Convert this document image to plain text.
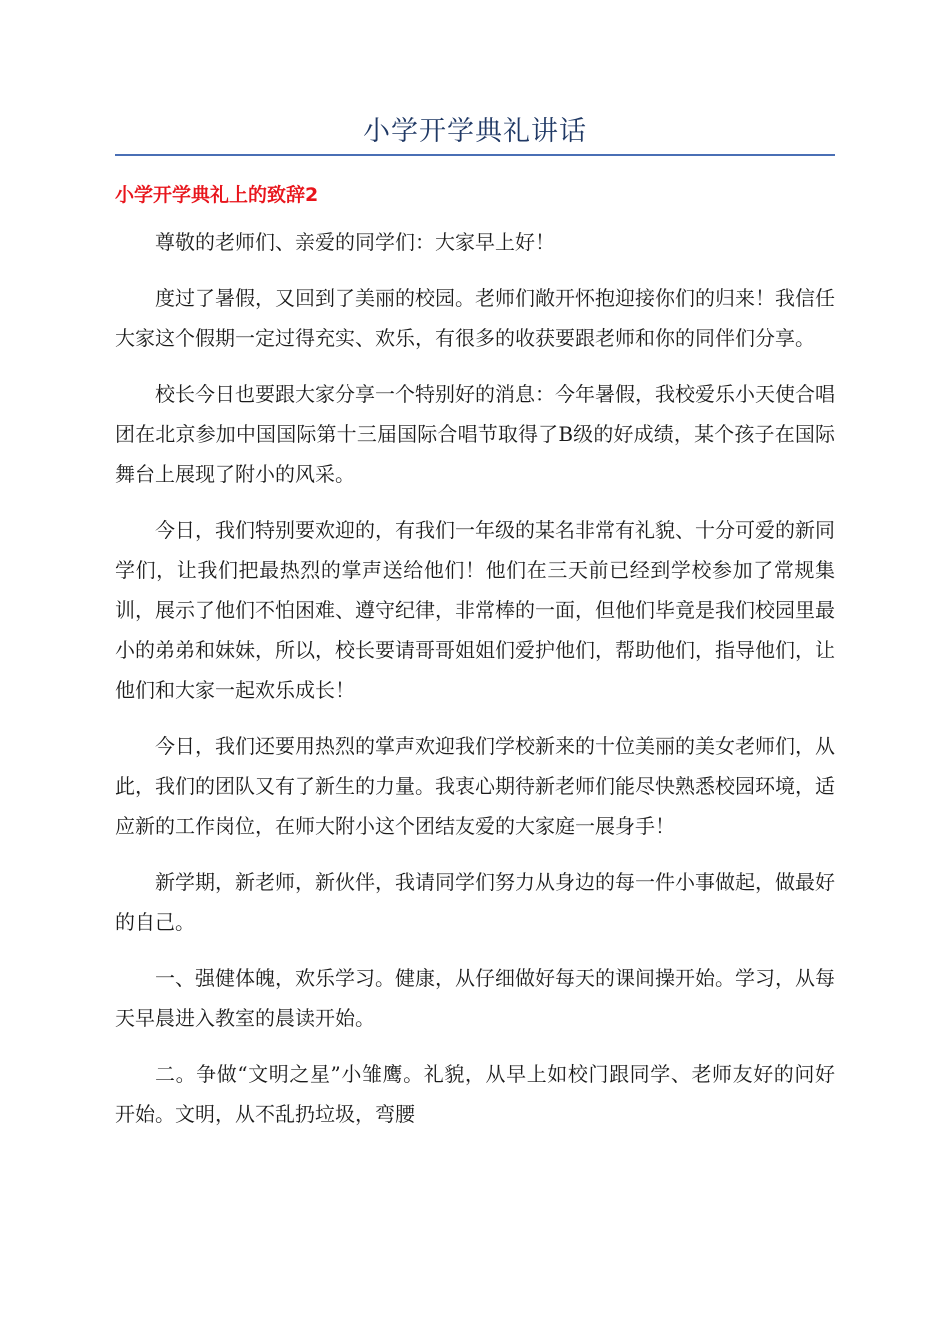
小学开学典礼讲话
小学开学典礼上的致辞2

尊敬的老师们、亲爱的同学们：大家早上好！

度过了暑假，又回到了美丽的校园。老师们敞开怀抱迎接你们的归来！我信任大家这个假期一定过得充实、欢乐，有很多的收获要跟老师和你的同伴们分享。

校长今日也要跟大家分享一个特别好的消息：今年暑假，我校爱乐小天使合唱团在北京参加中国国际第十三届国际合唱节取得了B级的好成绩，某个孩子在国际舞台上展现了附小的风采。

今日，我们特别要欢迎的，有我们一年级的某名非常有礼貌、十分可爱的新同学们，让我们把最热烈的掌声送给他们！他们在三天前已经到学校参加了常规集训，展示了他们不怕困难、遵守纪律，非常棒的一面，但他们毕竟是我们校园里最小的弟弟和妹妹，所以，校长要请哥哥姐姐们爱护他们，帮助他们，指导他们，让他们和大家一起欢乐成长！

今日，我们还要用热烈的掌声欢迎我们学校新来的十位美丽的美女老师们，从此，我们的团队又有了新生的力量。我衷心期待新老师们能尽快熟悉校园环境，适应新的工作岗位，在师大附小这个团结友爱的大家庭一展身手！

新学期，新老师，新伙伴，我请同学们努力从身边的每一件小事做起，做最好的自己。

一、强健体魄，欢乐学习。健康，从仔细做好每天的课间操开始。学习，从每天早晨进入教室的晨读开始。

二。争做“文明之星”小雏鹰。礼貌，从早上如校门跟同学、老师友好的问好开始。文明，从不乱扔垃圾，弯腰
